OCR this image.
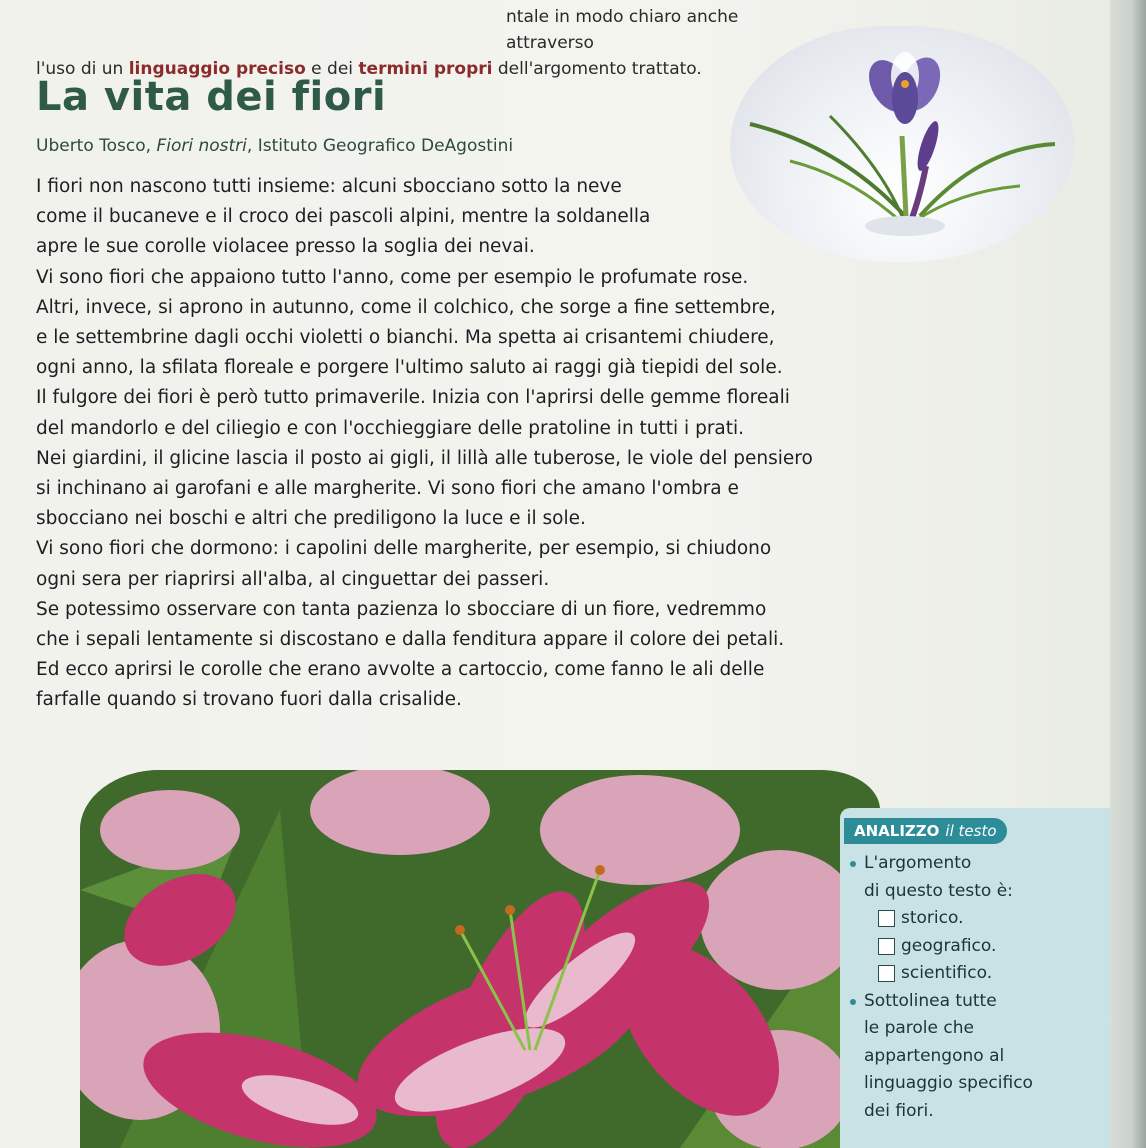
ntale in modo chiaro anche attraverso
l'uso di un linguaggio preciso e dei termini propri dell'argomento trattato.
La vita dei fiori
Uberto Tosco, Fiori nostri, Istituto Geografico DeAgostini

I fiori non nascono tutti insieme: alcuni sbocciano sotto la neve

come il bucaneve e il croco dei pascoli alpini, mentre la soldanella

apre le sue corolle violacee presso la soglia dei nevai.

Vi sono fiori che appaiono tutto l'anno, come per esempio le profumate rose.

Altri, invece, si aprono in autunno, come il colchico, che sorge a fine settembre,

e le settembrine dagli occhi violetti o bianchi. Ma spetta ai crisantemi chiudere,

ogni anno, la sfilata floreale e porgere l'ultimo saluto ai raggi già tiepidi del sole.

Il fulgore dei fiori è però tutto primaverile. Inizia con l'aprirsi delle gemme floreali

del mandorlo e del ciliegio e con l'occhieggiare delle pratoline in tutti i prati.

Nei giardini, il glicine lascia il posto ai gigli, il lillà alle tuberose, le viole del pensiero

si inchinano ai garofani e alle margherite. Vi sono fiori che amano l'ombra e

sbocciano nei boschi e altri che prediligono la luce e il sole.

Vi sono fiori che dormono: i capolini delle margherite, per esempio, si chiudono

ogni sera per riaprirsi all'alba, al cinguettar dei passeri.

Se potessimo osservare con tanta pazienza lo sbocciare di un fiore, vedremmo

che i sepali lentamente si discostano e dalla fenditura appare il colore dei petali.

Ed ecco aprirsi le corolle che erano avvolte a cartoccio, come fanno le ali delle

farfalle quando si trovano fuori dalla crisalide.

ANALIZZO il testo
L'argomento
di questo testo è:
storico.
geografico.
scientifico.
Sottolinea tutte
le parole che
appartengono al
linguaggio specifico
dei fiori.
